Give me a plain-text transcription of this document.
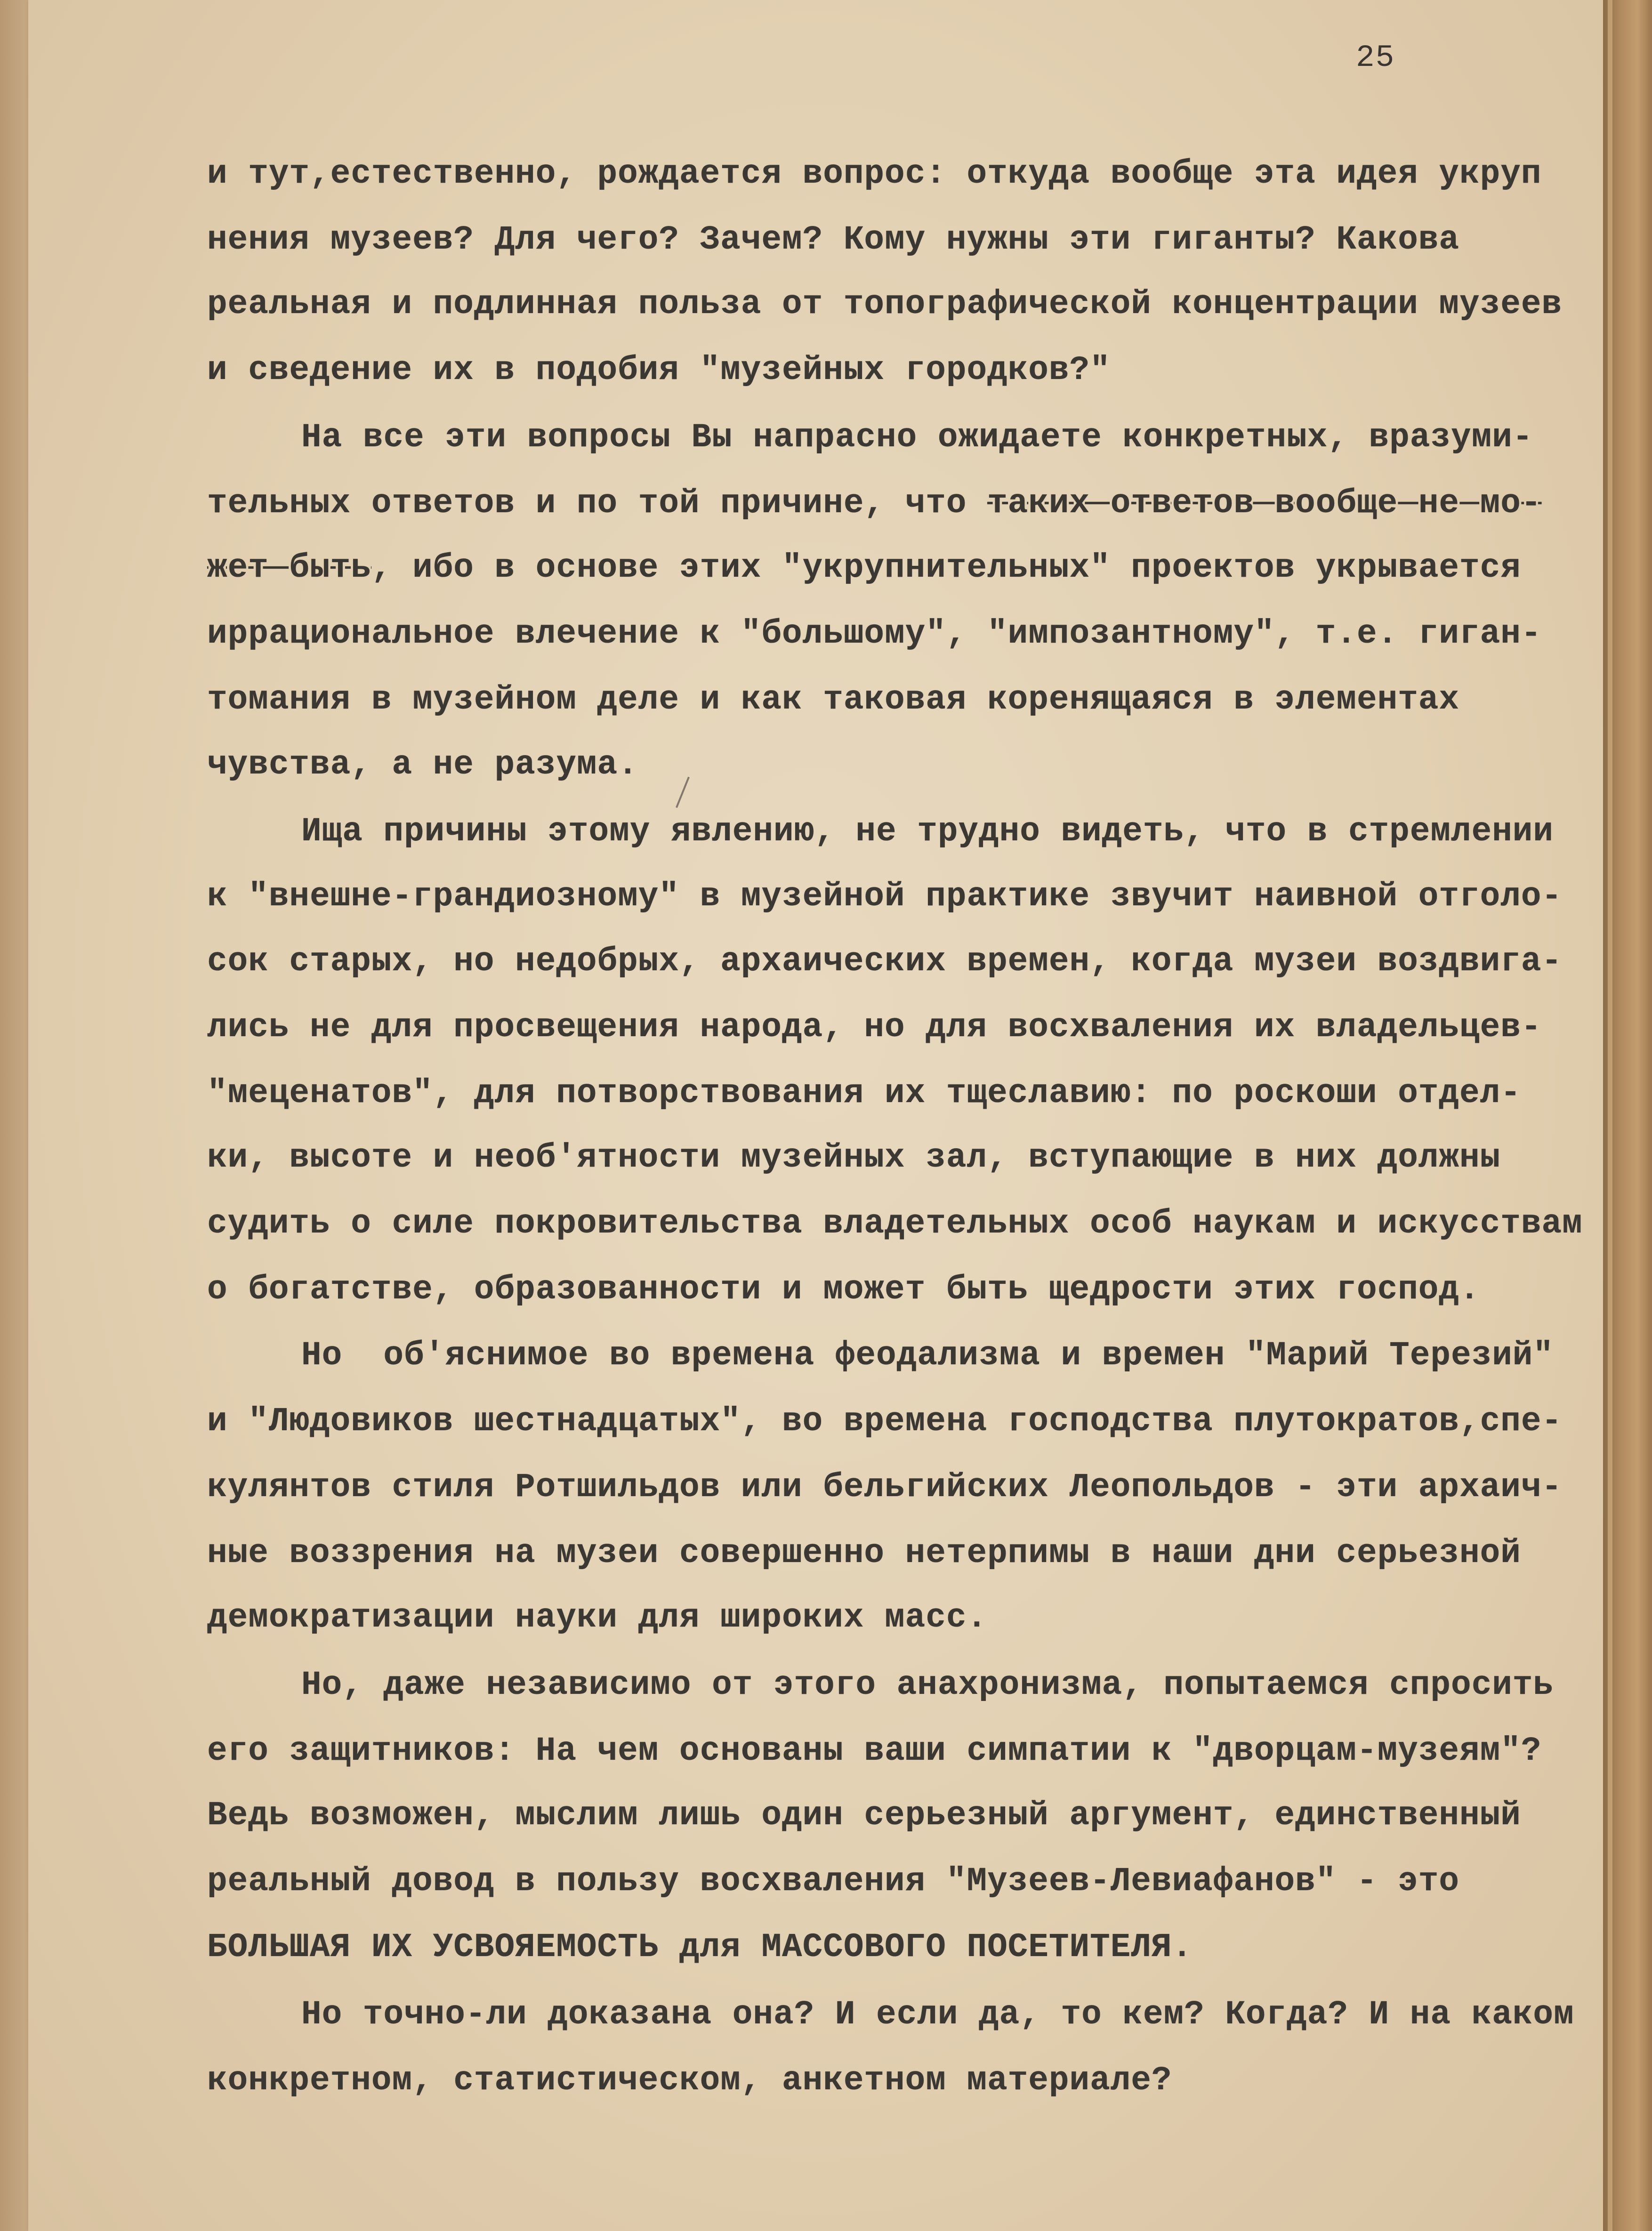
25
и тут,естественно, рождается вопрос: откуда вообще эта идея укруп
нения музеев? Для чего? Зачем? Кому нужны эти гиганты? Какова
реальная и подлинная польза от топографической концентрации музеев
и сведение их в подобия "музейных городков?"
На все эти вопросы Вы напрасно ожидаете конкретных, вразуми-
тельных ответов и по той причине, что таких ответов вообще не мо-
жет быть, ибо в основе этих "укрупнительных" проектов укрывается
иррациональное влечение к "большому", "импозантному", т.е. гиган-
томания в музейном деле и как таковая коренящаяся в элементах
чувства, а не разума.
Ища причины этому явлению, не трудно видеть, что в стремлении
к "внешне-грандиозному" в музейной практике звучит наивной отголо-
сок старых, но недобрых, архаических времен, когда музеи воздвига-
лись не для просвещения народа, но для восхваления их владельцев-
"меценатов", для потворствования их тщеславию: по роскоши отдел-
ки, высоте и необ'ятности музейных зал, вступающие в них должны
судить о силе покровительства владетельных особ наукам и искусствам
о богатстве, образованности и может быть щедрости этих господ.
Но  об'яснимое во времена феодализма и времен "Марий Терезий"
и "Людовиков шестнадцатых", во времена господства плутократов,спе-
кулянтов стиля Ротшильдов или бельгийских Леопольдов - эти архаич-
ные воззрения на музеи совершенно нетерпимы в наши дни серьезной
демократизации науки для широких масс.
Но, даже независимо от этого анахронизма, попытаемся спросить
его защитников: На чем основаны ваши симпатии к "дворцам-музеям"?
Ведь возможен, мыслим лишь один серьезный аргумент, единственный
реальный довод в пользу восхваления "Музеев-Левиафанов" - это
БОЛЬШАЯ ИХ УСВОЯЕМОСТЬ для МАССОВОГО ПОСЕТИТЕЛЯ.
Но точно-ли доказана она? И если да, то кем? Когда? И на каком
конкретном, статистическом, анкетном материале?
